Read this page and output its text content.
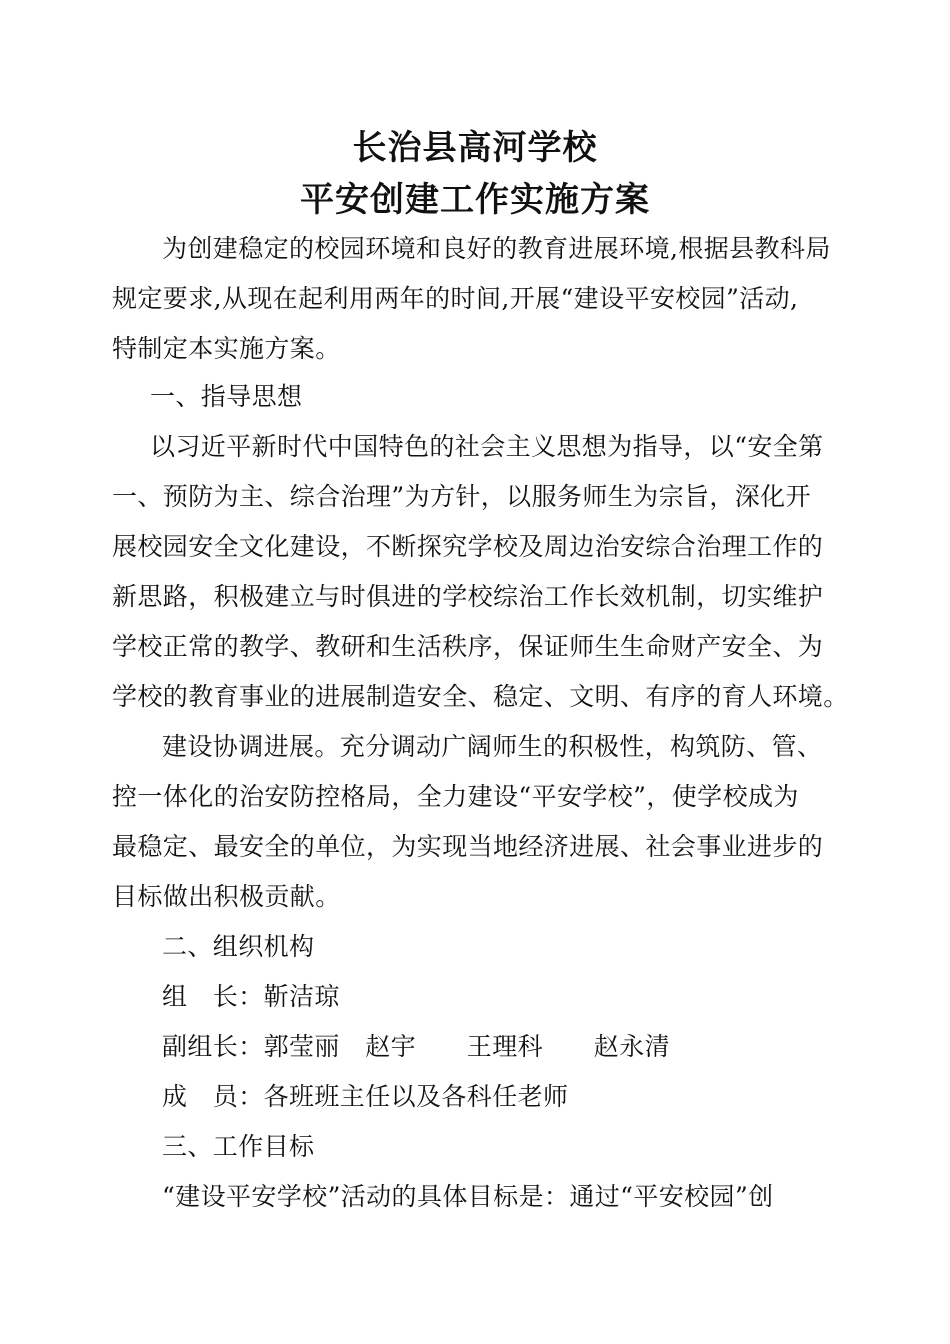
长治县高河学校
平安创建工作实施方案

为创建稳定的校园环境和良好的教育进展环境,根据县教科局

规定要求,从现在起利用两年的时间,开展“建设平安校园”活动,

特制定本实施方案。

一、指导思想

以习近平新时代中国特色的社会主义思想为指导，以“安全第

一、预防为主、综合治理”为方针，以服务师生为宗旨，深化开

展校园安全文化建设，不断探究学校及周边治安综合治理工作的

新思路，积极建立与时俱进的学校综治工作长效机制，切实维护

学校正常的教学、教研和生活秩序，保证师生生命财产安全、为

学校的教育事业的进展制造安全、稳定、文明、有序的育人环境。

建设协调进展。充分调动广阔师生的积极性，构筑防、管、

控一体化的治安防控格局，全力建设“平安学校”，使学校成为

最稳定、最安全的单位，为实现当地经济进展、社会事业进步的

目标做出积极贡献。

二、组织机构

组　长：靳洁琼

副组长：郭莹丽　赵宇　　王理科　　赵永清

成　员：各班班主任以及各科任老师

三、工作目标

“建设平安学校”活动的具体目标是：通过“平安校园”创
